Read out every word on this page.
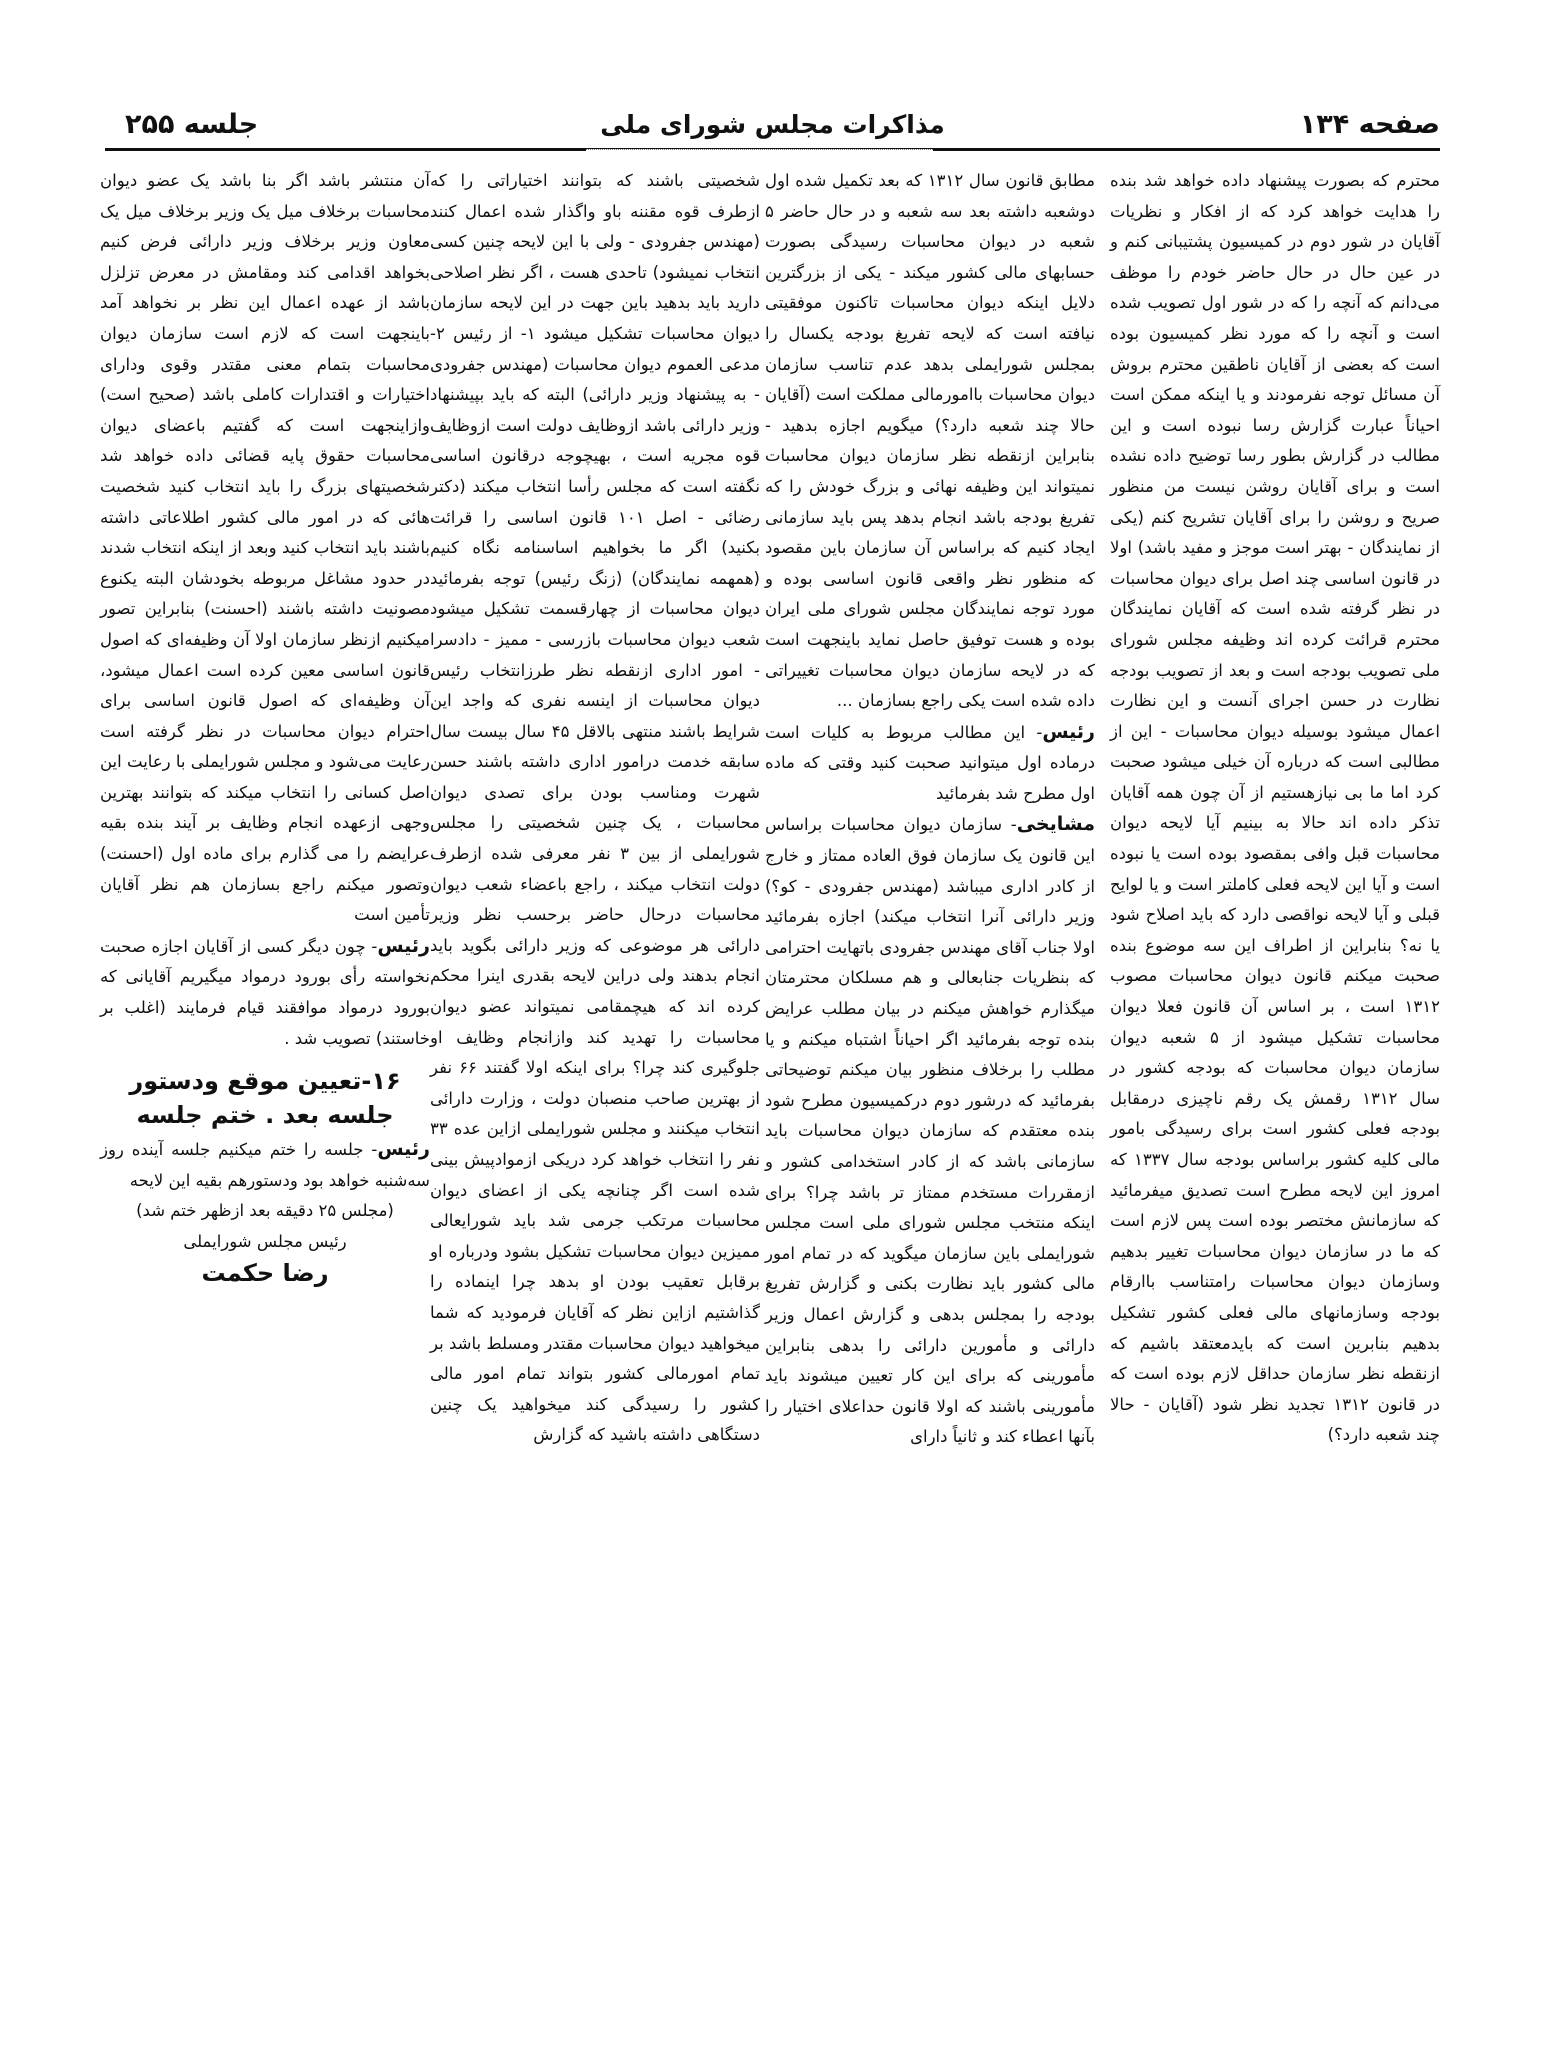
صفحه ۱۳۴
مذاکرات مجلس شورای ملی
جلسه ۲۵۵

محترم که بصورت پیشنهاد داده خواهد شد بنده را هدایت خواهد کرد که از افکار و نظریات آقایان در شور دوم در کمیسیون پشتیبانی کنم و در عین حال در حال حاضر خودم را موظف می‌دانم که آنچه را که در شور اول تصویب شده است و آنچه را که مورد نظر کمیسیون بوده است که بعضی از آقایان ناطقین محترم بروش آن مسائل توجه نفرمودند و یا اینکه ممکن است احیاناً عبارت گزارش رسا نبوده است و این مطالب در گزارش بطور رسا توضیح داده نشده است و برای آقایان روشن نیست من منظور صریح و روشن را برای آقایان تشریح کنم (یکی از نمایندگان - بهتر است موجز و مفید باشد) اولا در قانون اساسی چند اصل برای دیوان محاسبات در نظر گرفته شده است که آقایان نمایندگان محترم قرائت کرده اند وظیفه مجلس شورای ملی تصویب بودجه است و بعد از تصویب بودجه نظارت در حسن اجرای آنست و این نظارت اعمال میشود بوسیله دیوان محاسبات - این از مطالبی است که درباره آن خیلی میشود صحبت کرد اما ما بی نیازهستیم از آن چون همه آقایان تذکر داده اند حالا به بینیم آیا لایحه دیوان محاسبات قبل وافی بمقصود بوده است یا نبوده است و آیا این لایحه فعلی کاملتر است و یا لوایح قبلی و آیا لایحه نواقصی دارد که باید اصلاح شود یا نه؟ بنابراین از اطراف این سه موضوع بنده صحبت میکنم قانون دیوان محاسبات مصوب ۱۳۱۲ است ، بر اساس آن قانون فعلا دیوان محاسبات تشکیل میشود از ۵ شعبه دیوان سازمان دیوان محاسبات که بودجه کشور در سال ۱۳۱۲ رقمش یک رقم ناچیزی درمقابل بودجه فعلی کشور است برای رسیدگی بامور مالی کلیه کشور براساس بودجه سال ۱۳۳۷ که امروز این لایحه مطرح است تصدیق میفرمائید که سازمانش مختصر بوده است پس لازم است که ما در سازمان دیوان محاسبات تغییر بدهیم وسازمان دیوان محاسبات رامتناسب باارقام بودجه وسازمانهای مالی فعلی کشور تشکیل بدهیم بنابرین است که بایدمعتقد باشیم که ازنقطه نظر سازمان حداقل لازم بوده است که در قانون ۱۳۱۲ تجدید نظر شود (آقایان - حالا چند شعبه دارد؟)

مطابق قانون سال ۱۳۱۲ که بعد تکمیل شده اول دوشعبه داشته بعد سه شعبه و در حال حاضر ۵ شعبه در دیوان محاسبات رسیدگی بصورت حسابهای مالی کشور میکند - یکی از بزرگترین دلایل اینکه دیوان محاسبات تاکنون موفقیتی نیافته است که لایحه تفریغ بودجه یکسال را بمجلس شورایملی بدهد عدم تناسب سازمان دیوان محاسبات باامورمالی مملکت است (آقایان حالا چند شعبه دارد؟) میگویم اجازه بدهید - بنابراین ازنقطه نظر سازمان دیوان محاسبات نمیتواند این وظیفه نهائی و بزرگ خودش را که تفریغ بودجه باشد انجام بدهد پس باید سازمانی ایجاد کنیم که براساس آن سازمان باین مقصود که منظور نظر واقعی قانون اساسی بوده و مورد توجه نمایندگان مجلس شورای ملی ایران بوده و هست توفیق حاصل نماید باینجهت است که در لایحه سازمان دیوان محاسبات تغییراتی داده شده است یکی راجع بسازمان ...

رئیس- این مطالب مربوط به کلیات است درماده اول میتوانید صحبت کنید وقتی که ماده اول مطرح شد بفرمائید

مشایخی- سازمان دیوان محاسبات براساس این قانون یک سازمان فوق العاده ممتاز و خارج از کادر اداری میباشد (مهندس جفرودی - کو؟) وزیر دارائی آنرا انتخاب میکند) اجازه بفرمائید اولا جناب آقای مهندس جفرودی باتهایت احترامی که بنظریات جنابعالی و هم مسلکان محترمتان میگذارم خواهش میکنم در بیان مطلب عرایض بنده توجه بفرمائید اگر احیاناً اشتباه میکنم و یا مطلب را برخلاف منظور بیان میکنم توضیحاتی بفرمائید که درشور دوم درکمیسیون مطرح شود بنده معتقدم که سازمان دیوان محاسبات باید سازمانی باشد که از کادر استخدامی کشور و ازمقررات مستخدم ممتاز تر باشد چرا؟ برای اینکه منتخب مجلس شورای ملی است مجلس شورایملی باین سازمان میگوید که در تمام امور مالی کشور باید نظارت بکنی و گزارش تفریغ بودجه را بمجلس بدهی و گزارش اعمال وزیر دارائی و مأمورین دارائی را بدهی بنابراین مأمورینی که برای این کار تعیین میشوند باید مأمورینی باشند که اولا قانون حداعلای اختیار را بآنها اعطاء کند و ثانیاً دارای

شخصیتی باشند که بتوانند اختیاراتی را که ازطرف قوه مقننه باو واگذار شده اعمال کنند (مهندس جفرودی - ولی با این لایحه چنین کسی انتخاب نمیشود) تاحدی هست ، اگر نظر اصلاحی دارید باید بدهید باین جهت در این لایحه سازمان دیوان محاسبات تشکیل میشود ۱- از رئیس ۲- مدعی العموم دیوان محاسبات (مهندس جفرودی - به پیشنهاد وزیر دارائی) البته که باید بپیشنهاد وزیر دارائی باشد ازوظایف دولت است ازوظایف قوه مجریه است ، بهیچوجه درقانون اساسی نگفته است که مجلس رأسا انتخاب میکند (دکتر رضائی - اصل ۱۰۱ قانون اساسی را قرائت بکنید) اگر ما بخواهیم اساسنامه نگاه کنیم (همهمه نمایندگان) (زنگ رئیس) توجه بفرمائید دیوان محاسبات از چهارقسمت تشکیل میشود شعب دیوان محاسبات بازرسی - ممیز - دادسرا - امور اداری ازنقطه نظر طرزانتخاب رئیس دیوان محاسبات از اینسه نفری که واجد این شرایط باشند منتهی بالاقل ۴۵ سال بیست سال سابقه خدمت درامور اداری داشته باشند حسن شهرت ومناسب بودن برای تصدی دیوان محاسبات ، یک چنین شخصیتی را مجلس شورایملی از بین ۳ نفر معرفی شده ازطرف دولت انتخاب میکند ، راجع باعضاء شعب دیوان محاسبات درحال حاضر برحسب نظر وزیر دارائی هر موضوعی که وزیر دارائی بگوید باید انجام بدهند ولی دراین لایحه بقدری اینرا محکم کرده اند که هیچمقامی نمیتواند عضو دیوان محاسبات را تهدید کند وازانجام وظایف او جلوگیری کند چرا؟ برای اینکه اولا گفتند ۶۶ نفر از بهترین صاحب منصبان دولت ، وزارت دارائی انتخاب میکنند و مجلس شورایملی ازاین عده ۳۳ نفر را انتخاب خواهد کرد دریکی ازموادپیش بینی شده است اگر چنانچه یکی از اعضای دیوان محاسبات مرتکب جرمی شد باید شورایعالی ممیزین دیوان محاسبات تشکیل بشود ودرباره او برقابل تعقیب بودن او بدهد چرا اینماده را گذاشتیم ازاین نظر که آقایان فرمودید که شما میخواهید دیوان محاسبات مقتدر ومسلط باشد بر تمام امورمالی کشور بتواند تمام امور مالی کشور را رسیدگی کند میخواهید یک چنین دستگاهی داشته باشید که گزارش

آن منتشر باشد اگر بنا باشد یک عضو دیوان محاسبات برخلاف میل یک وزیر برخلاف میل یک معاون وزیر برخلاف وزیر دارائی فرض کنیم بخواهد اقدامی کند ومقامش در معرض تزلزل باشد از عهده اعمال این نظر بر نخواهد آمد باینجهت است که لازم است سازمان دیوان محاسبات بتمام معنی مقتدر وقوی ودارای اختیارات و اقتدارات کاملی باشد (صحیح است) وازاینجهت است که گفتیم باعضای دیوان محاسبات حقوق پایه قضائی داده خواهد شد شخصیتهای بزرگ را باید انتخاب کنید شخصیت هائی که در امور مالی کشور اطلاعاتی داشته باشند باید انتخاب کنید وبعد از اینکه انتخاب شدند در حدود مشاغل مربوطه بخودشان البته یکنوع مصونیت داشته باشند (احسنت) بنابراین تصور میکنیم ازنظر سازمان اولا آن وظیفه‌ای که اصول قانون اساسی معین کرده است اعمال میشود، آن وظیفه‌ای که اصول قانون اساسی برای احترام دیوان محاسبات در نظر گرفته است رعایت می‌شود و مجلس شورایملی با رعایت این اصل کسانی را انتخاب میکند که بتوانند بهترین وجهی ازعهده انجام وظایف بر آیند بنده بقیه عرایضم را می گذارم برای ماده اول (احسنت) وتصور میکنم راجع بسازمان هم نظر آقایان تأمین است

رئیس- چون دیگر کسی از آقایان اجازه صحبت نخواسته رأی بورود درمواد میگیریم آقایانی که بورود درمواد موافقند قیام فرمایند (اغلب بر خاستند) تصویب شد .

۱۶-تعیین موقع ودستور جلسه بعد . ختم جلسه

رئیس- جلسه را ختم میکنیم جلسه آینده روز سه‌شنبه خواهد بود ودستورهم بقیه این لایحه

(مجلس ۲۵ دقیقه بعد ازظهر ختم شد)

رئیس مجلس شورایملی

رضا حکمت
